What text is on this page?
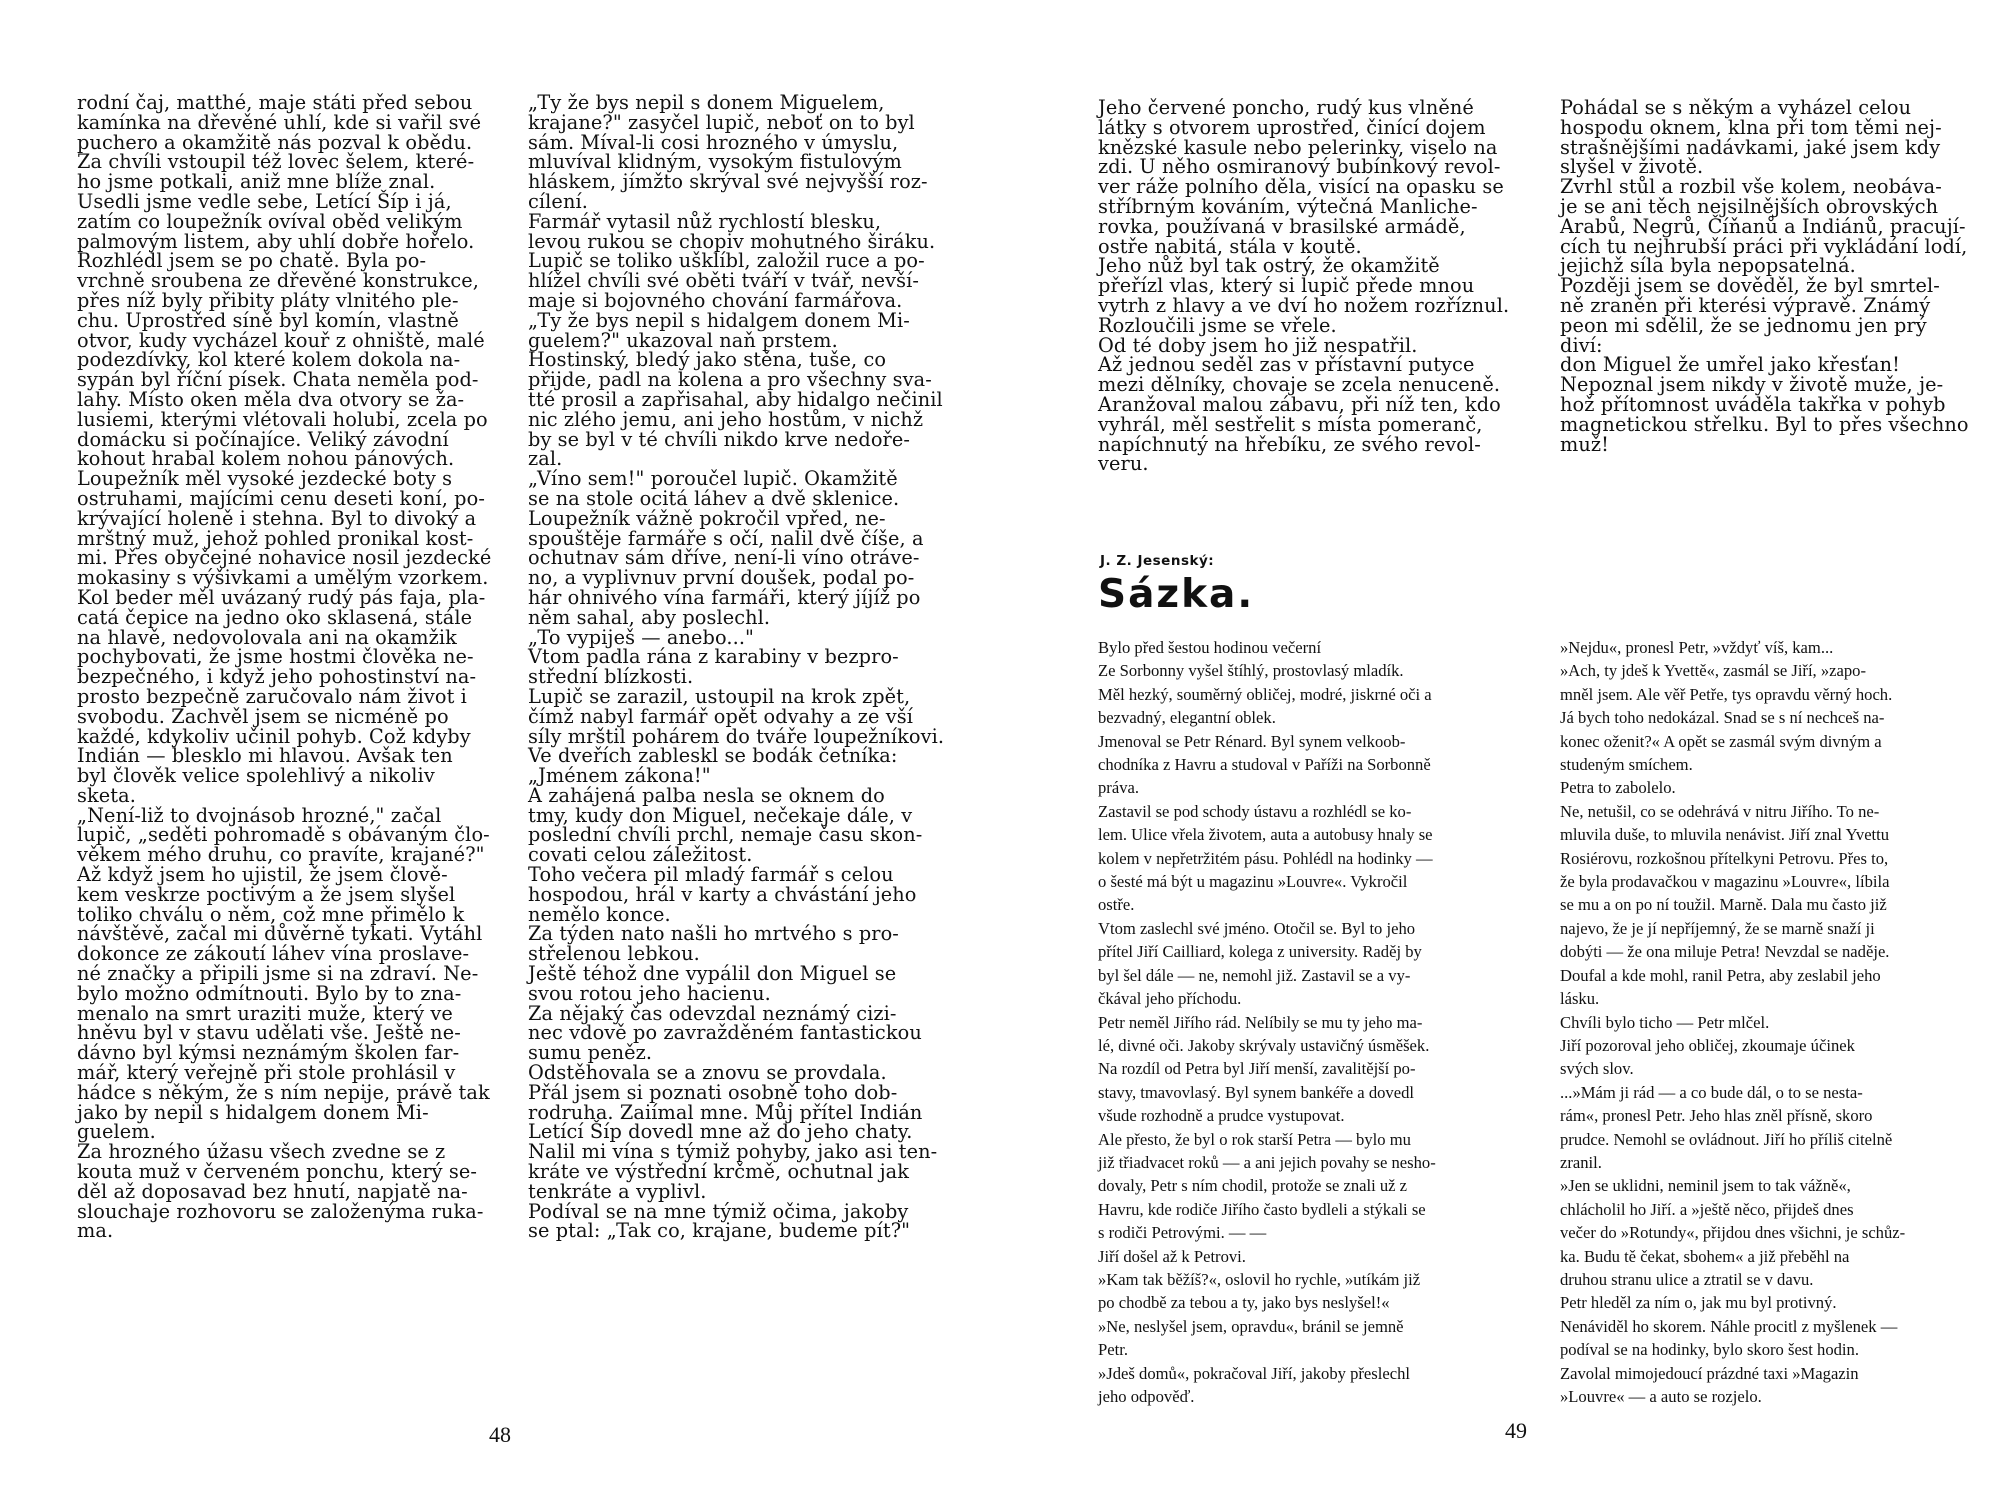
rodní čaj, matthé, maje státi před sebou
kamínka na dřevěné uhlí, kde si vařil své
puchero a okamžitě nás pozval k obědu.
Za chvíli vstoupil též lovec šelem, které-
ho jsme potkali, aniž mne blíže znal.
Usedli jsme vedle sebe, Letící Šíp i já,
zatím co loupežník ovíval oběd velikým
palmovým listem, aby uhlí dobře hořelo.
Rozhlédl jsem se po chatě. Byla po-
vrchně sroubena ze dřevěné konstrukce,
přes níž byly přibity pláty vlnitého ple-
chu. Uprostřed síně byl komín, vlastně
otvor, kudy vycházel kouř z ohniště, malé
podezdívky, kol které kolem dokola na-
sypán byl říční písek. Chata neměla pod-
lahy. Místo oken měla dva otvory se ža-
lusiemi, kterými vlétovali holubi, zcela po
domácku si počínajíce. Veliký závodní
kohout hrabal kolem nohou pánových.
Loupežník měl vysoké jezdecké boty s
ostruhami, majícími cenu deseti koní, po-
krývající holeně i stehna. Byl to divoký a
mrštný muž, jehož pohled pronikal kost-
mi. Přes obyčejné nohavice nosil jezdecké
mokasiny s výšivkami a umělým vzorkem.
Kol beder měl uvázaný rudý pás faja, pla-
catá čepice na jedno oko sklasená, stále
na hlavě, nedovolovala ani na okamžik
pochybovati, že jsme hostmi člověka ne-
bezpečného, i když jeho pohostinství na-
prosto bezpečně zaručovalo nám život i
svobodu. Zachvěl jsem se nicméně po
každé, kdykoliv učinil pohyb. Což kdyby
Indián — blesklo mi hlavou. Avšak ten
byl člověk velice spolehlivý a nikoliv
sketa.
„Není-liž to dvojnásob hrozné," začal
lupič, „seděti pohromadě s obávaným člo-
věkem mého druhu, co pravíte, krajané?"
Až když jsem ho ujistil, že jsem člově-
kem veskrze poctivým a že jsem slyšel
toliko chválu o něm, což mne přimělo k
návštěvě, začal mi důvěrně tykati. Vytáhl
dokonce ze zákoutí láhev vína proslave-
né značky a připili jsme si na zdraví. Ne-
bylo možno odmítnouti. Bylo by to zna-
menalo na smrt uraziti muže, který ve
hněvu byl v stavu udělati vše. Ještě ne-
dávno byl kýmsi neznámým školen far-
mář, který veřejně při stole prohlásil v
hádce s někým, že s ním nepije, právě tak
jako by nepil s hidalgem donem Mi-
guelem.
Za hrozného úžasu všech zvedne se z
kouta muž v červeném ponchu, který se-
děl až doposavad bez hnutí, napjatě na-
slouchaje rozhovoru se založenýma ruka-
ma.

„Ty že bys nepil s donem Miguelem,
krajane?" zasyčel lupič, neboť on to byl
sám. Míval-li cosi hrozného v úmyslu,
mluvíval klidným, vysokým fistulovým
hláskem, jímžto skrýval své nejvyšší roz-
cílení.
Farmář vytasil nůž rychlostí blesku,
levou rukou se chopiv mohutného širáku.
Lupič se toliko ušklíbl, založil ruce a po-
hlížel chvíli své oběti tváří v tvář, nevší-
maje si bojovného chování farmářova.
„Ty že bys nepil s hidalgem donem Mi-
guelem?" ukazoval naň prstem.
Hostinský, bledý jako stěna, tuše, co
přijde, padl na kolena a pro všechny sva-
tté prosil a zapřisahal, aby hidalgo nečinil
nic zlého jemu, ani jeho hostům, v nichž
by se byl v té chvíli nikdo krve nedoře-
zal.
„Víno sem!" poroučel lupič. Okamžitě
se na stole ocitá láhev a dvě sklenice.
Loupežník vážně pokročil vpřed, ne-
spouštěje farmáře s očí, nalil dvě číše, a
ochutnav sám dříve, není-li víno otráve-
no, a vyplivnuv první doušek, podal po-
hár ohnivého vína farmáři, který jíjíž po
něm sahal, aby poslechl.
„To vypiješ — anebo..."
Vtom padla rána z karabiny v bezpro-
střední blízkosti.
Lupič se zarazil, ustoupil na krok zpět,
čímž nabyl farmář opět odvahy a ze vší
síly mrštil pohárem do tváře loupežníkovi.
Ve dveřích zableskl se bodák četníka:
„Jménem zákona!"
A zahájená palba nesla se oknem do
tmy, kudy don Miguel, nečekaje dále, v
poslední chvíli prchl, nemaje času skon-
covati celou záležitost.
Toho večera pil mladý farmář s celou
hospodou, hrál v karty a chvástání jeho
nemělo konce.
Za týden nato našli ho mrtvého s pro-
střelenou lebkou.
Ještě téhož dne vypálil don Miguel se
svou rotou jeho hacienu.
Za nějaký čas odevzdal neznámý cizi-
nec vdově po zavražděném fantastickou
sumu peněz.
Odstěhovala se a znovu se provdala.
Přál jsem si poznati osobně toho dob-
rodruha. Zaiímal mne. Můj přítel Indián
Letící Šíp dovedl mne až do jeho chaty.
Nalil mi vína s týmiž pohyby, jako asi ten-
kráte ve výstřední krčmě, ochutnal jak
tenkráte a vyplivl.
Podíval se na mne týmiž očima, jakoby
se ptal: „Tak co, krajane, budeme pít?"

48

Jeho červené poncho, rudý kus vlněné
látky s otvorem uprostřed, činící dojem
knězské kasule nebo pelerinky, viselo na
zdi. U něho osmiranový bubínkový revol-
ver ráže polního děla, visící na opasku se
stříbrným kováním, výtečná Manliche-
rovka, používaná v brasilské armádě,
ostře nabitá, stála v koutě.
Jeho nůž byl tak ostrý, že okamžitě
přeřízl vlas, který si lupič přede mnou
vytrh z hlavy a ve dví ho nožem rozříznul.
Rozloučili jsme se vřele.
Od té doby jsem ho již nespatřil.
Až jednou seděl zas v přístavní putyce
mezi dělníky, chovaje se zcela nenuceně.
Aranžoval malou zábavu, při níž ten, kdo
vyhrál, měl sestřelit s místa pomeranč,
napíchnutý na hřebíku, ze svého revol-
veru.

Pohádal se s někým a vyházel celou
hospodu oknem, klna při tom těmi nej-
strašnějšími nadávkami, jaké jsem kdy
slyšel v životě.
Zvrhl stůl a rozbil vše kolem, neobáva-
je se ani těch nejsilnějších obrovských
Arabů, Negrů, Číňanů a Indiánů, pracují-
cích tu nejhrubší práci při vykládání lodí,
jejichž síla byla nepopsatelná.
Později jsem se dověděl, že byl smrtel-
ně zraněn při kterési výpravě. Známý
peon mi sdělil, že se jednomu jen prý diví:
don Miguel že umřel jako křesťan!
Nepoznal jsem nikdy v životě muže, je-
hož přítomnost uváděla takřka v pohyb
magnetickou střelku. Byl to přes všechno
muž!

J. Z. Jesenský:
Sázka.

Bylo před šestou hodinou večerní
Ze Sorbonny vyšel štíhlý, prostovlasý mladík.
Měl hezký, souměrný obličej, modré, jiskrné oči a
bezvadný, elegantní oblek.
Jmenoval se Petr Rénard. Byl synem velkoob-
chodníka z Havru a studoval v Paříži na Sorbonně
práva.
Zastavil se pod schody ústavu a rozhlédl se ko-
lem. Ulice vřela životem, auta a autobusy hnaly se
kolem v nepřetržitém pásu. Pohlédl na hodinky —
o šesté má být u magazinu »Louvre«. Vykročil
ostře.
Vtom zaslechl své jméno. Otočil se. Byl to jeho
přítel Jiří Cailliard, kolega z university. Raděj by
byl šel dále — ne, nemohl již. Zastavil se a vy-
čkával jeho příchodu.
Petr neměl Jiřího rád. Nelíbily se mu ty jeho ma-
lé, divné oči. Jakoby skrývaly ustavičný úsměšek.
Na rozdíl od Petra byl Jiří menší, zavalitější po-
stavy, tmavovlasý. Byl synem bankéře a dovedl
všude rozhodně a prudce vystupovat.
Ale přesto, že byl o rok starší Petra — bylo mu
již třiadvacet roků — a ani jejich povahy se nesho-
dovaly, Petr s ním chodil, protože se znali už z
Havru, kde rodiče Jiřího často bydleli a stýkali se
s rodiči Petrovými. — —
Jiří došel až k Petrovi.
»Kam tak běžíš?«, oslovil ho rychle, »utíkám již
po chodbě za tebou a ty, jako bys neslyšel!«
»Ne, neslyšel jsem, opravdu«, bránil se jemně
Petr.
»Jdeš domů«, pokračoval Jiří, jakoby přeslechl
jeho odpověď.

»Nejdu«, pronesl Petr, »vždyť víš, kam...
»Ach, ty jdeš k Yvettě«, zasmál se Jiří, »zapo-
mněl jsem. Ale věř Petře, tys opravdu věrný hoch.
Já bych toho nedokázal. Snad se s ní nechceš na-
konec oženit?« A opět se zasmál svým divným a
studeným smíchem.
Petra to zabolelo.
Ne, netušil, co se odehrává v nitru Jiřího. To ne-
mluvila duše, to mluvila nenávist. Jiří znal Yvettu
Rosiérovu, rozkošnou přítelkyni Petrovu. Přes to,
že byla prodavačkou v magazinu »Louvre«, líbila
se mu a on po ní toužil. Marně. Dala mu často již
najevo, že je jí nepříjemný, že se marně snaží ji
dobýti — že ona miluje Petra! Nevzdal se naděje.
Doufal a kde mohl, ranil Petra, aby zeslabil jeho
lásku.
Chvíli bylo ticho — Petr mlčel.
Jiří pozoroval jeho obličej, zkoumaje účinek
svých slov.
...»Mám ji rád — a co bude dál, o to se nesta-
rám«, pronesl Petr. Jeho hlas zněl přísně, skoro
prudce. Nemohl se ovládnout. Jiří ho příliš citelně
zranil.
»Jen se uklidni, neminil jsem to tak vážně«,
chlácholil ho Jiří. a »ještě něco, přijdeš dnes
večer do »Rotundy«, přijdou dnes všichni, je schůz-
ka. Budu tě čekat, sbohem« a již přeběhl na
druhou stranu ulice a ztratil se v davu.
Petr hleděl za ním o, jak mu byl protivný.
Nenáviděl ho skorem. Náhle procitl z myšlenek —
podíval se na hodinky, bylo skoro šest hodin.
Zavolal mimojedoucí prázdné taxi »Magazin
»Louvre« — a auto se rozjelo.

49
